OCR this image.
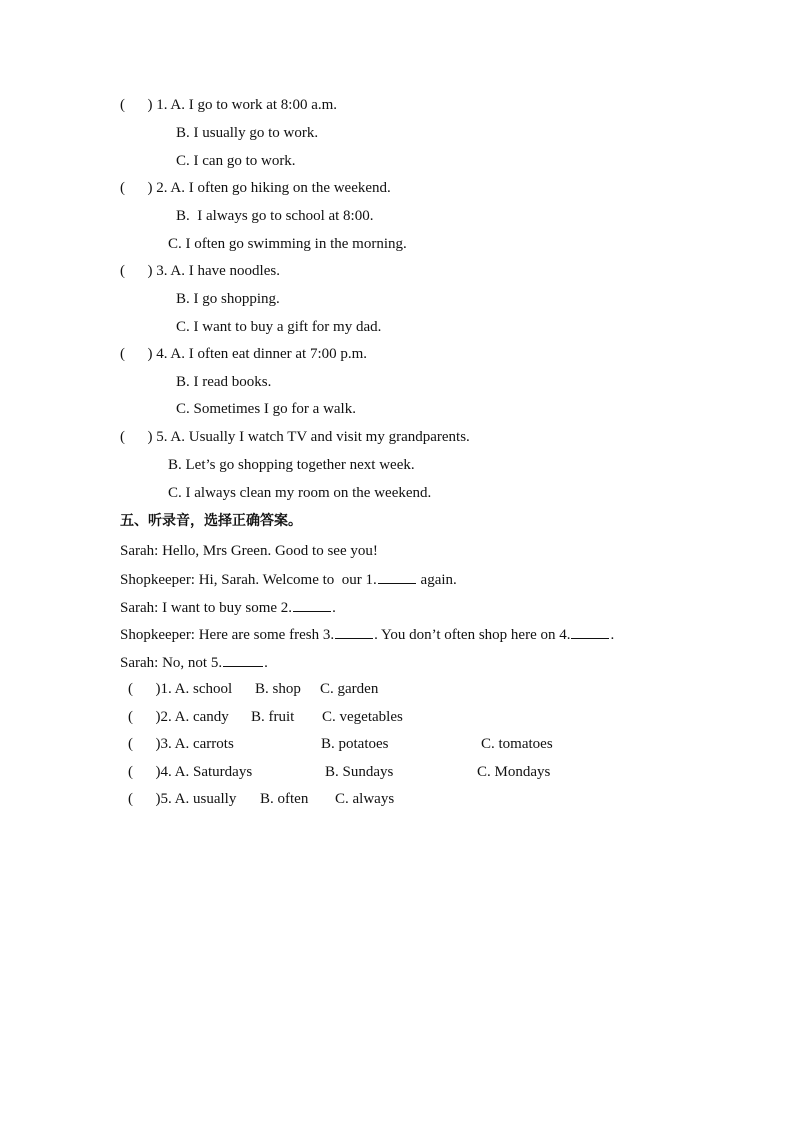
(      ) 1. A. I go to work at 8:00 a.m.
B. I usually go to work.
C. I can go to work.
(      ) 2. A. I often go hiking on the weekend.
B.  I always go to school at 8:00.
C. I often go swimming in the morning.
(      ) 3. A. I have noodles.
B. I go shopping.
C. I want to buy a gift for my dad.
(      ) 4. A. I often eat dinner at 7:00 p.m.
B. I read books.
C. Sometimes I go for a walk.
(      ) 5. A. Usually I watch TV and visit my grandparents.
B. Let’s go shopping together next week.
C. I always clean my room on the weekend.
五、听录音，选择正确答案。
Sarah: Hello, Mrs Green. Good to see you!
Shopkeeper: Hi, Sarah. Welcome to  our 1.	again.
Sarah: I want to buy some 2.	.
Shopkeeper: Here are some fresh 3.	. You don’t often shop here on 4.	.
Sarah: No, not 5.	.
(      )1. A. school B. shop C. garden
(      )2. A. candy B. fruit C. vegetables
(      )3. A. carrots	B. potatoes	C. tomatoes
(      )4. A. Saturdays	B. Sundays	C. Mondays
(      )5. A. usually B. often C. always
